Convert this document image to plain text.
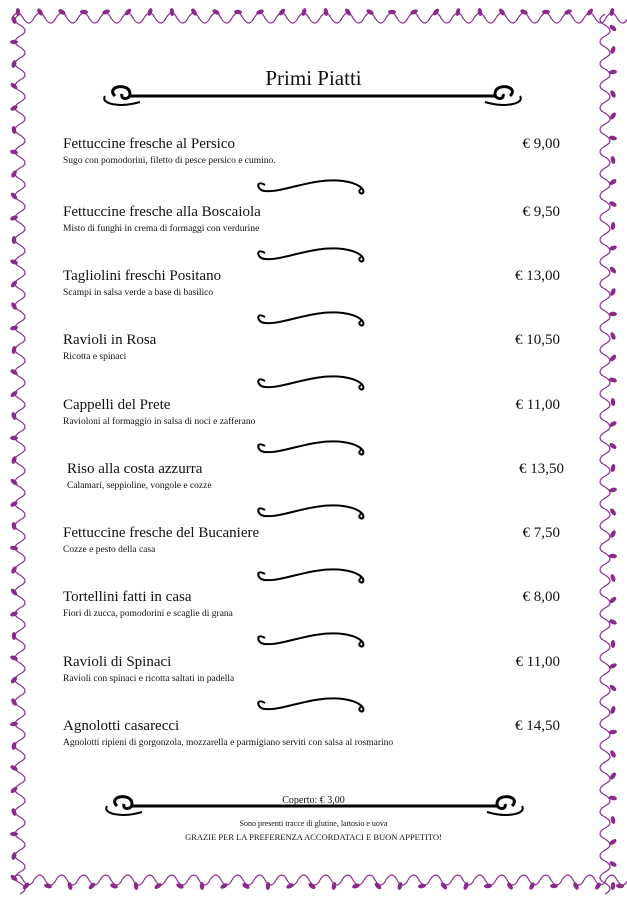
Primi Piatti
Fettuccine fresche al Persico	€ 9,00
Sugo con pomodorini, filetto di pesce persico e cumino.
Fettuccine fresche alla Boscaiola	€ 9,50
Misto di funghi in crema di formaggi con verdurine
Tagliolini freschi Positano	€ 13,00
Scampi in salsa verde a base di basilico
Ravioli in Rosa	€ 10,50
Ricotta e spinaci
Cappelli del Prete	€ 11,00
Ravioloni al formaggio in salsa di noci e zafferano
Riso alla costa azzurra	€ 13,50
Calamari, seppioline, vongole e cozze
Fettuccine fresche del Bucaniere	€ 7,50
Cozze e pesto della casa
Tortellini fatti in casa	€ 8,00
Fiori di zucca, pomodorini e scaglie di grana
Ravioli di Spinaci	€ 11,00
Ravioli con spinaci e ricotta saltati in padella
Agnolotti casarecci	€ 14,50
Agnolotti ripieni di gorgonzola, mozzarella e parmigiano serviti con salsa al rosmarino
Coperto: € 3,00
Sono presenti tracce di glutine, lattosio e uova
GRAZIE PER LA PREFERENZA ACCORDATACI E BUON APPETITO!
